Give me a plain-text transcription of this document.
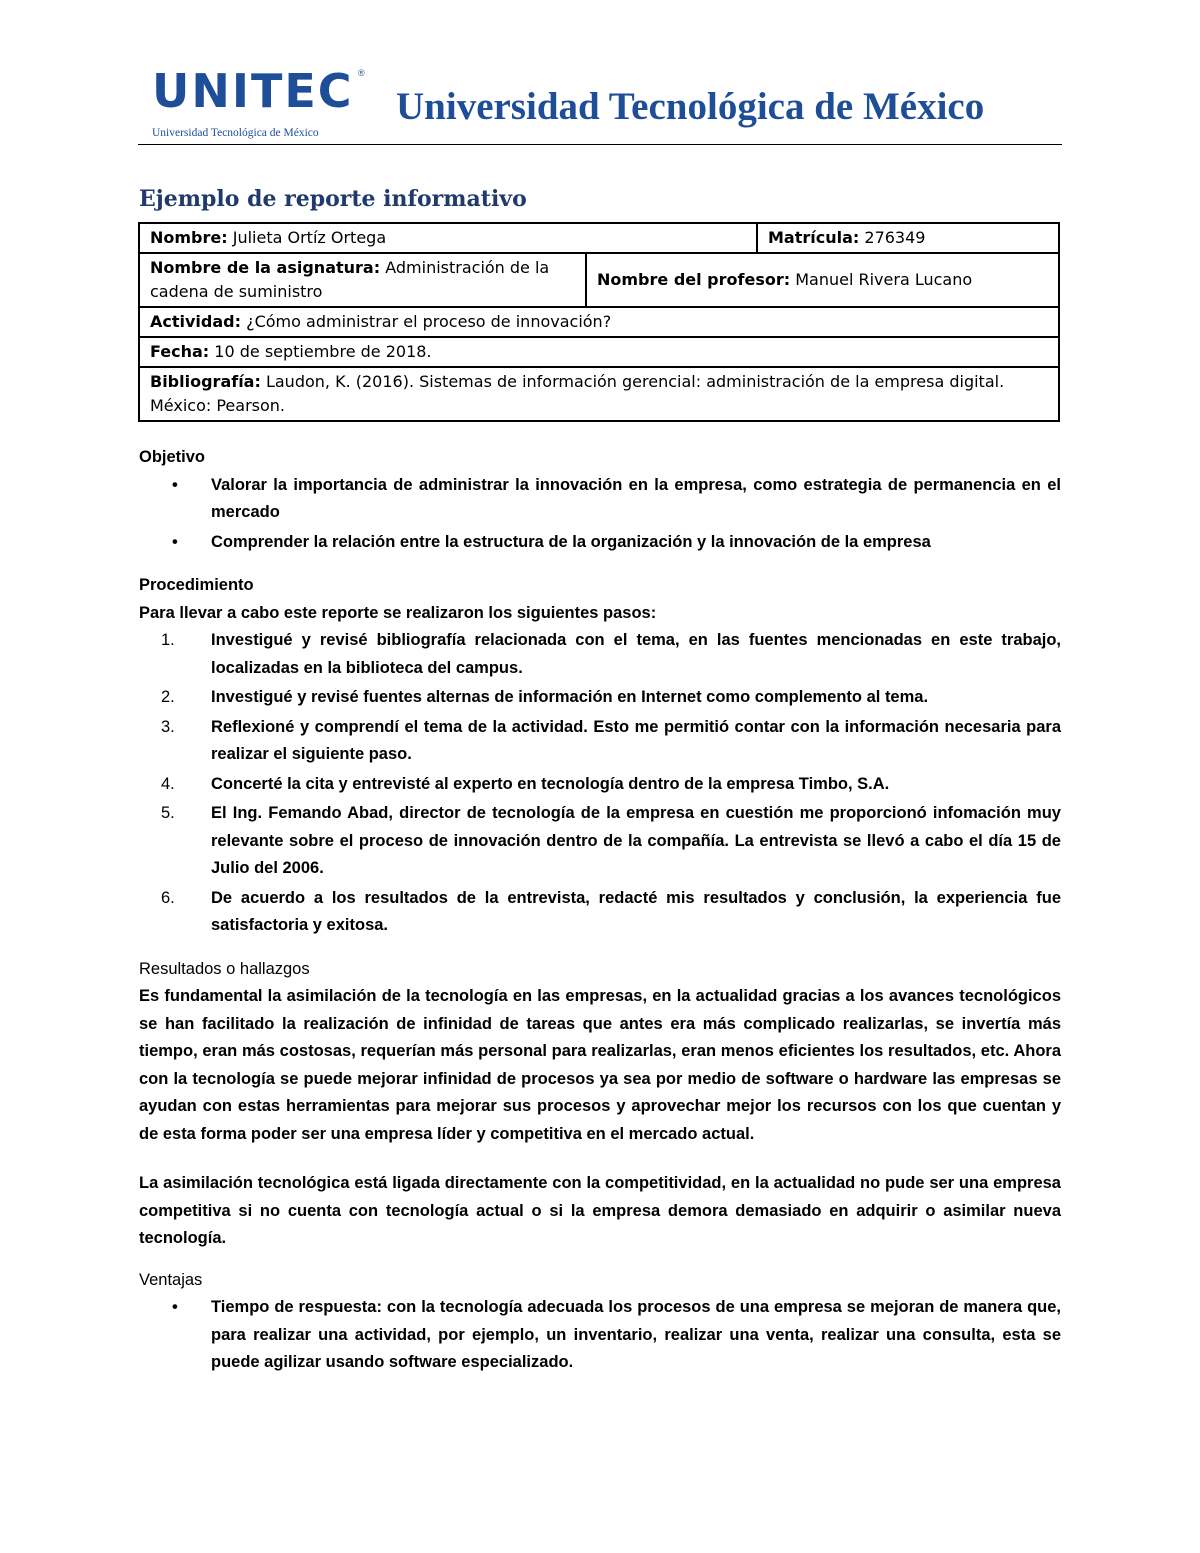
UNITEC ®
Universidad Tecnológica de México
Universidad Tecnológica de México
Ejemplo de reporte informativo
Nombre: Julieta Ortíz Ortega		Matrícula: 276349
Nombre de la asignatura: Administración de la cadena de suministro	Nombre del profesor: Manuel Rivera Lucano	
Actividad: ¿Cómo administrar el proceso de innovación?		
Fecha: 10 de septiembre de 2018.		
Bibliografía: Laudon, K. (2016). Sistemas de información gerencial: administración de la empresa digital. México: Pearson.		

Objetivo

• Valorar la importancia de administrar la innovación en la empresa, como estrategia de permanencia en el mercado
• Comprender la relación entre la estructura de la organización y la innovación de la empresa

Procedimiento

Para llevar a cabo este reporte se realizaron los siguientes pasos:

1. Investigué y revisé bibliografía relacionada con el tema, en las fuentes mencionadas en este trabajo, localizadas en la biblioteca del campus.
2. Investigué y revisé fuentes alternas de información en Internet como complemento al tema.
3. Reflexioné y comprendí el tema de la actividad. Esto me permitió contar con la información necesaria para realizar el siguiente paso.
4. Concerté la cita y entrevisté al experto en tecnología dentro de la empresa Timbo, S.A.
5. El Ing. Femando Abad, director de tecnología de la empresa en cuestión me proporcionó infomación muy relevante sobre el proceso de innovación dentro de la compañía. La entrevista se llevó a cabo el día 15 de Julio del 2006.
6. De acuerdo a los resultados de la entrevista, redacté mis resultados y conclusión, la experiencia fue satisfactoria y exitosa.

Resultados o hallazgos

Es fundamental la asimilación de la tecnología en las empresas, en la actualidad gracias a los avances tecnológicos se han facilitado la realización de infinidad de tareas que antes era más complicado realizarlas, se invertía más tiempo, eran más costosas, requerían más personal para realizarlas, eran menos eficientes los resultados, etc. Ahora con la tecnología se puede mejorar infinidad de procesos ya sea por medio de software o hardware las empresas se ayudan con estas herramientas para mejorar sus procesos y aprovechar mejor los recursos con los que cuentan y de esta forma poder ser una empresa líder y competitiva en el mercado actual.

La asimilación tecnológica está ligada directamente con la competitividad, en la actualidad no pude ser una empresa competitiva si no cuenta con tecnología actual o si la empresa demora demasiado en adquirir o asimilar nueva tecnología.

Ventajas

• Tiempo de respuesta: con la tecnología adecuada los procesos de una empresa se mejoran de manera que, para realizar una actividad, por ejemplo, un inventario, realizar una venta, realizar una consulta, esta se puede agilizar usando software especializado.
